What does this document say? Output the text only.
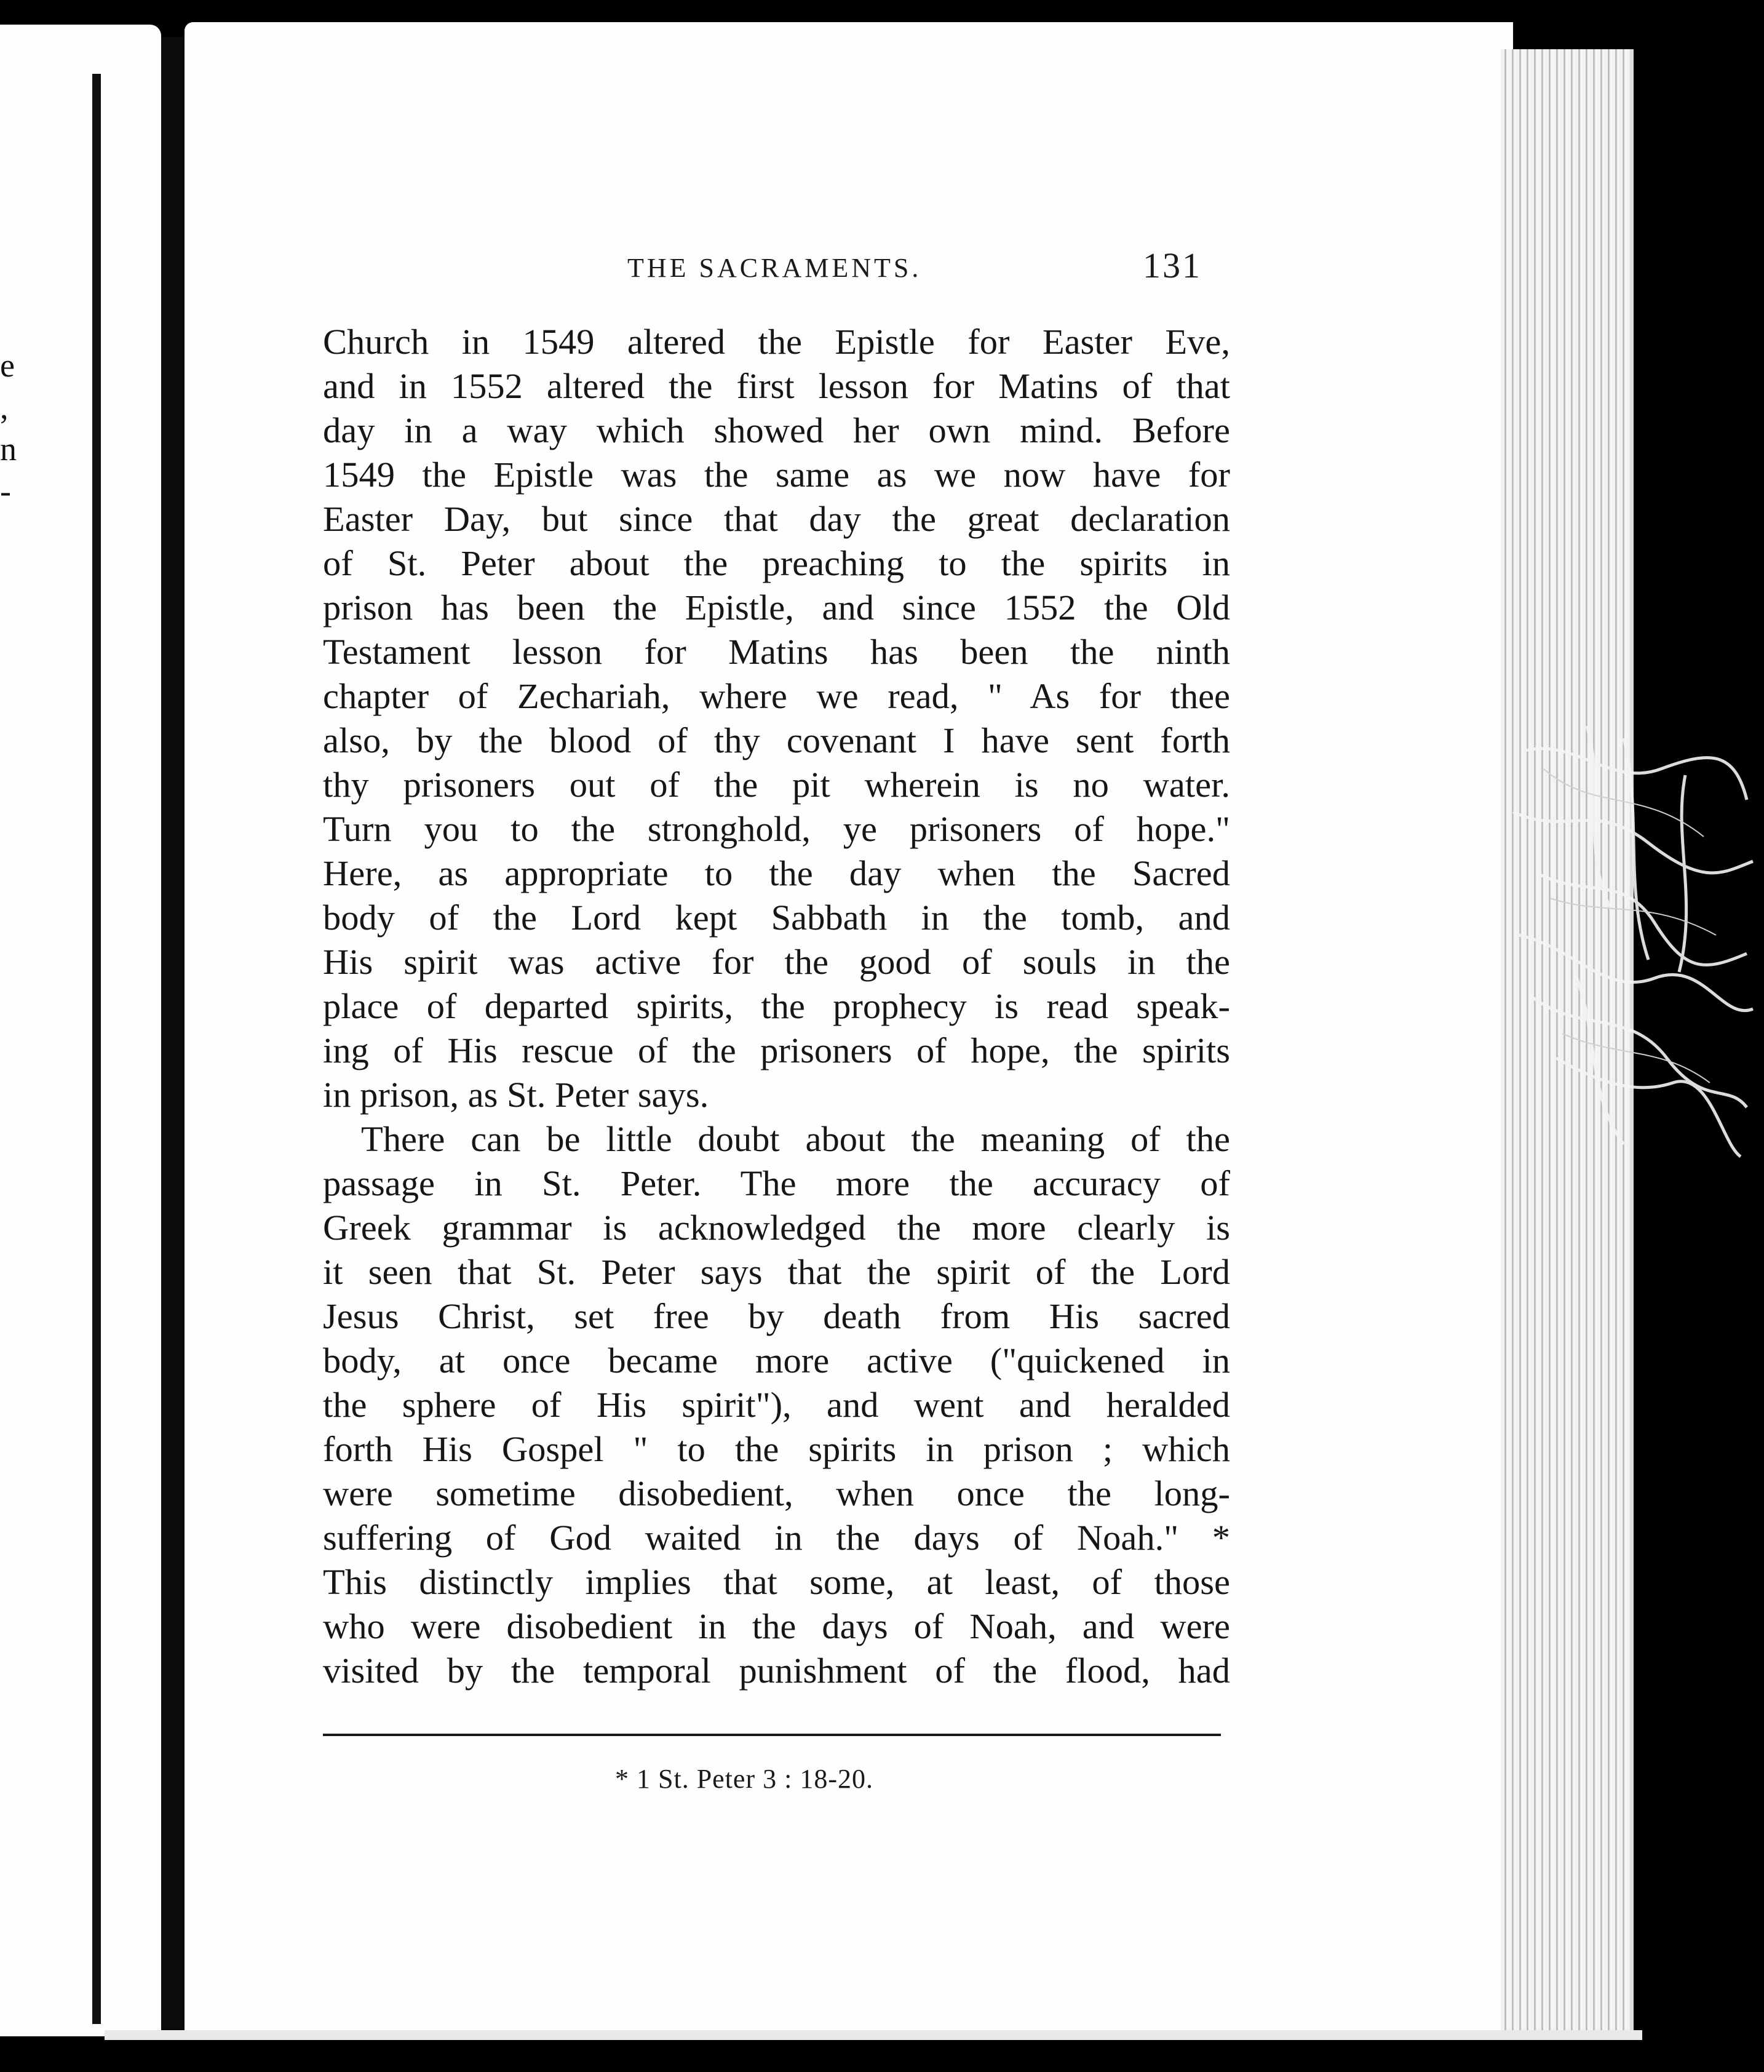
e
,
n
-
THE SACRAMENTS.	131
Church in 1549 altered the Epistle for Easter Eve,
and in 1552 altered the first lesson for Matins of that
day in a way which showed her own mind. Before
1549 the Epistle was the same as we now have for
Easter Day, but since that day the great declaration
of St. Peter about the preaching to the spirits in
prison has been the Epistle, and since 1552 the Old
Testament lesson for Matins has been the ninth
chapter of Zechariah, where we read, " As for thee
also, by the blood of thy covenant I have sent forth
thy prisoners out of the pit wherein is no water.
Turn you to the stronghold, ye prisoners of hope."
Here, as appropriate to the day when the Sacred
body of the Lord kept Sabbath in the tomb, and
His spirit was active for the good of souls in the
place of departed spirits, the prophecy is read speak-
ing of His rescue of the prisoners of hope, the spirits
in prison, as St. Peter says.
There can be little doubt about the meaning of the
passage in St. Peter. The more the accuracy of
Greek grammar is acknowledged the more clearly is
it seen that St. Peter says that the spirit of the Lord
Jesus Christ, set free by death from His sacred
body, at once became more active ("quickened in
the sphere of His spirit"), and went and heralded
forth His Gospel " to the spirits in prison ; which
were sometime disobedient, when once the long-
suffering of God waited in the days of Noah." *
This distinctly implies that some, at least, of those
who were disobedient in the days of Noah, and were
visited by the temporal punishment of the flood, had
* 1 St. Peter 3 : 18-20.
